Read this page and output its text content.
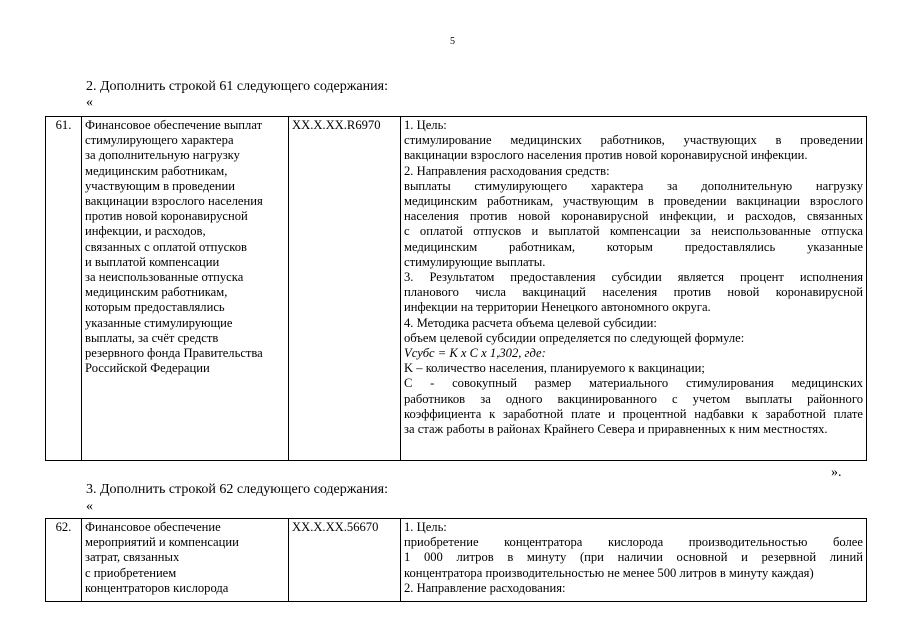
5
2. Дополнить строкой 61 следующего содержания:
«
61.	Финансовое обеспечение выплат
стимулирующего характера
за дополнительную нагрузку
медицинским работникам,
участвующим в проведении
вакцинации взрослого населения
против новой коронавирусной
инфекции, и расходов,
связанных с оплатой отпусков
и выплатой компенсации
за неиспользованные отпуска
медицинским работникам,
которым предоставлялись
указанные стимулирующие
выплаты, за счёт средств
резервного фонда Правительства
Российской Федерации
	XX.X.XX.R6970	1. Цель:
стимулирование медицинских работников, участвующих в проведении
вакцинации взрослого населения против новой коронавирусной инфекции.
2. Направления расходования средств:
выплаты стимулирующего характера за дополнительную нагрузку
медицинским работникам, участвующим в проведении вакцинации взрослого
населения против новой коронавирусной инфекции, и расходов, связанных
с оплатой отпусков и выплатой компенсации за неиспользованные отпуска
медицинским работникам, которым предоставлялись указанные
стимулирующие выплаты.
3. Результатом предоставления субсидии является процент исполнения
планового числа вакцинаций населения против новой коронавирусной
инфекции на территории Ненецкого автономного округа.
4. Методика расчета объема целевой субсидии:
объем целевой субсидии определяется по следующей формуле:
Vсубс = K x C x 1,302, где:
K – количество населения, планируемого к вакцинации;
C - совокупный размер материального стимулирования медицинских
работников за одного вакцинированного с учетом выплаты районного
коэффициента к заработной плате и процентной надбавки к заработной плате
за стаж работы в районах Крайнего Севера и приравненных к ним местностях.
».
3. Дополнить строкой 62 следующего содержания:
«
62.	Финансовое обеспечение
мероприятий и компенсации
затрат, связанных
с приобретением
концентраторов кислорода
	XX.X.XX.56670	1. Цель:
приобретение концентратора кислорода производительностью более
1 000 литров в минуту (при наличии основной и резервной линий
концентратора производительностью не менее 500 литров в минуту каждая)
2. Направление расходования:
